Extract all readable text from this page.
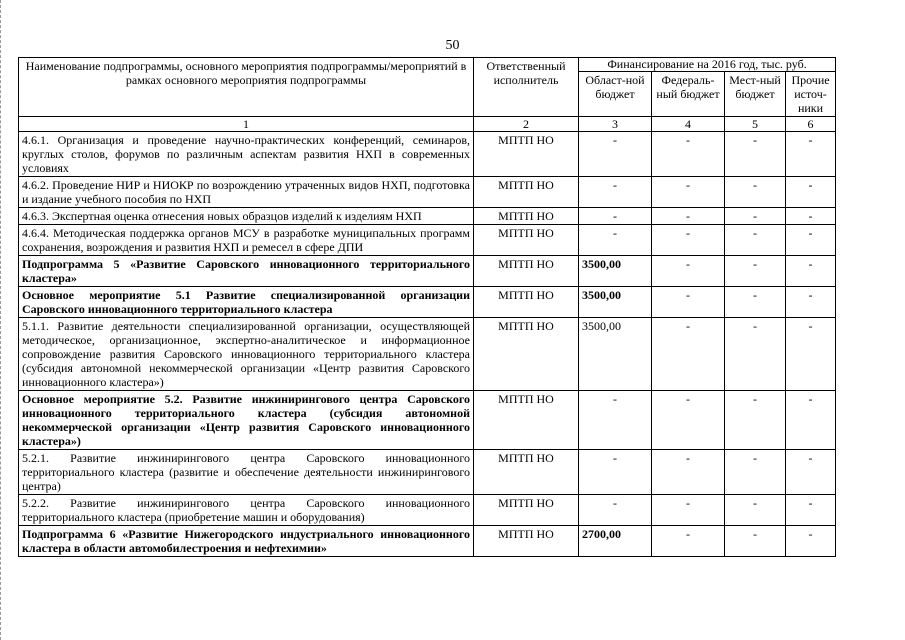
50
Наименование подпрограммы, основного мероприятия подпрограммы/мероприятий в рамках основного мероприятия подпрограммы	Ответственный исполнитель	Финансирование на 2016 год, тыс. руб.			
		Област-ной бюджет	Федераль-ный бюджет	Мест-ный бюджет	Прочие источ-ники
1	2	3	4	5	6
4.6.1. Организация и проведение научно-практических конференций, семинаров, круглых столов, форумов по различным аспектам развития НХП в современных условиях	МПТП НО	-	-	-	-
4.6.2. Проведение НИР и НИОКР по возрождению утраченных видов НХП, подготовка и издание учебного пособия по НХП	МПТП НО	-	-	-	-
4.6.3. Экспертная оценка отнесения новых образцов изделий к изделиям НХП	МПТП НО	-	-	-	-
4.6.4. Методическая поддержка органов МСУ в разработке муниципальных программ сохранения, возрождения и развития НХП и ремесел в сфере ДПИ	МПТП НО	-	-	-	-
Подпрограмма 5 «Развитие Саровского инновационного территориального кластера»	МПТП НО	3500,00	-	-	-
Основное мероприятие 5.1 Развитие специализированной организации Саровского инновационного территориального кластера	МПТП НО	3500,00	-	-	-
5.1.1. Развитие деятельности специализированной организации, осуществляющей методическое, организационное, экспертно-аналитическое и информационное сопровождение развития Саровского инновационного территориального кластера (субсидия автономной некоммерческой организации «Центр развития Саровского инновационного кластера»)	МПТП НО	3500,00	-	-	-
Основное мероприятие 5.2. Развитие инжинирингового центра Саровского инновационного территориального кластера (субсидия автономной некоммерческой организации «Центр развития Саровского инновационного кластера»)	МПТП НО	-	-	-	-
5.2.1. Развитие инжинирингового центра Саровского инновационного территориального кластера (развитие и обеспечение деятельности инжинирингового центра)	МПТП НО	-	-	-	-
5.2.2. Развитие инжинирингового центра Саровского инновационного территориального кластера (приобретение машин и оборудования)	МПТП НО	-	-	-	-
Подпрограмма 6 «Развитие Нижегородского индустриального инновационного кластера в области автомобилестроения и нефтехимии»	МПТП НО	2700,00	-	-	-
